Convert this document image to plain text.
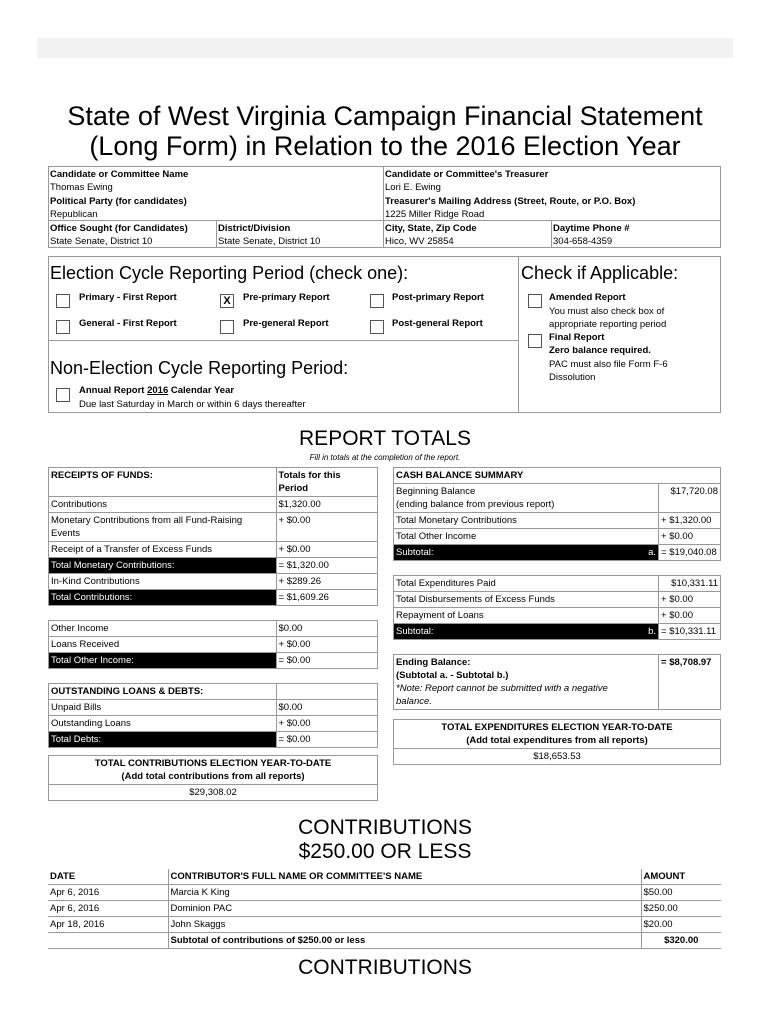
State of West Virginia Campaign Financial Statement
(Long Form) in Relation to the 2016 Election Year
Candidate or Committee Name
Thomas Ewing
Political Party (for candidates)
Republican
Office Sought (for Candidates)
State Senate, District 10
District/Division
State Senate, District 10
Candidate or Committee's Treasurer
Lori E. Ewing
Treasurer's Mailing Address (Street, Route, or P.O. Box)
1225 Miller Ridge Road
City, State, Zip Code
Hico, WV 25854
Daytime Phone #
304-658-4359
Election Cycle Reporting Period (check one):
Primary - First Report	X	Pre-primary Report	Post-primary Report
General - First Report	Pre-general Report	Post-general Report
Check if Applicable:
Amended Report
You must also check box of
appropriate reporting period
Final Report
Zero balance required.
PAC must also file Form F-6
Dissolution
Non-Election Cycle Reporting Period:
Annual Report 2016 Calendar Year
Due last Saturday in March or within 6 days thereafter
REPORT TOTALS
Fill in totals at the completion of the report.
RECEIPTS OF FUNDS:	Totals for this
Period
Contributions	$1,320.00
Monetary Contributions from all Fund-Raising
Events	+ $0.00
Receipt of a Transfer of Excess Funds	+ $0.00
Total Monetary Contributions:	= $1,320.00
In-Kind Contributions	+ $289.26
Total Contributions:	= $1,609.26

Other Income	$0.00
Loans Received	+ $0.00
Total Other Income:	= $0.00

OUTSTANDING LOANS & DEBTS:	
Unpaid Bills	$0.00
Outstanding Loans	+ $0.00
Total Debts:	= $0.00

TOTAL CONTRIBUTIONS ELECTION YEAR-TO-DATE
(Add total contributions from all reports)	
$29,308.02	
CASH BALANCE SUMMARY	
Beginning Balance
(ending balance from previous report)	$17,720.08
Total Monetary Contributions	+ $1,320.00
Total Other Income	+ $0.00
Subtotal: a.	= $19,040.08

Total Expenditures Paid	$10,331.11
Total Disbursements of Excess Funds	+ $0.00
Repayment of Loans	+ $0.00
Subtotal: b.	= $10,331.11

Ending Balance:
(Subtotal a. - Subtotal b.)
*Note: Report cannot be submitted with a negative
balance.	= $8,708.97

TOTAL EXPENDITURES ELECTION YEAR-TO-DATE
(Add total expenditures from all reports)	
$18,653.53	
CONTRIBUTIONS
$250.00 OR LESS
DATE	CONTRIBUTOR'S FULL NAME OR COMMITTEE'S NAME	AMOUNT
Apr 6, 2016	Marcia K King	$50.00
Apr 6, 2016	Dominion PAC	$250.00
Apr 18, 2016	John Skaggs	$20.00
	Subtotal of contributions of $250.00 or less	$320.00
CONTRIBUTIONS
